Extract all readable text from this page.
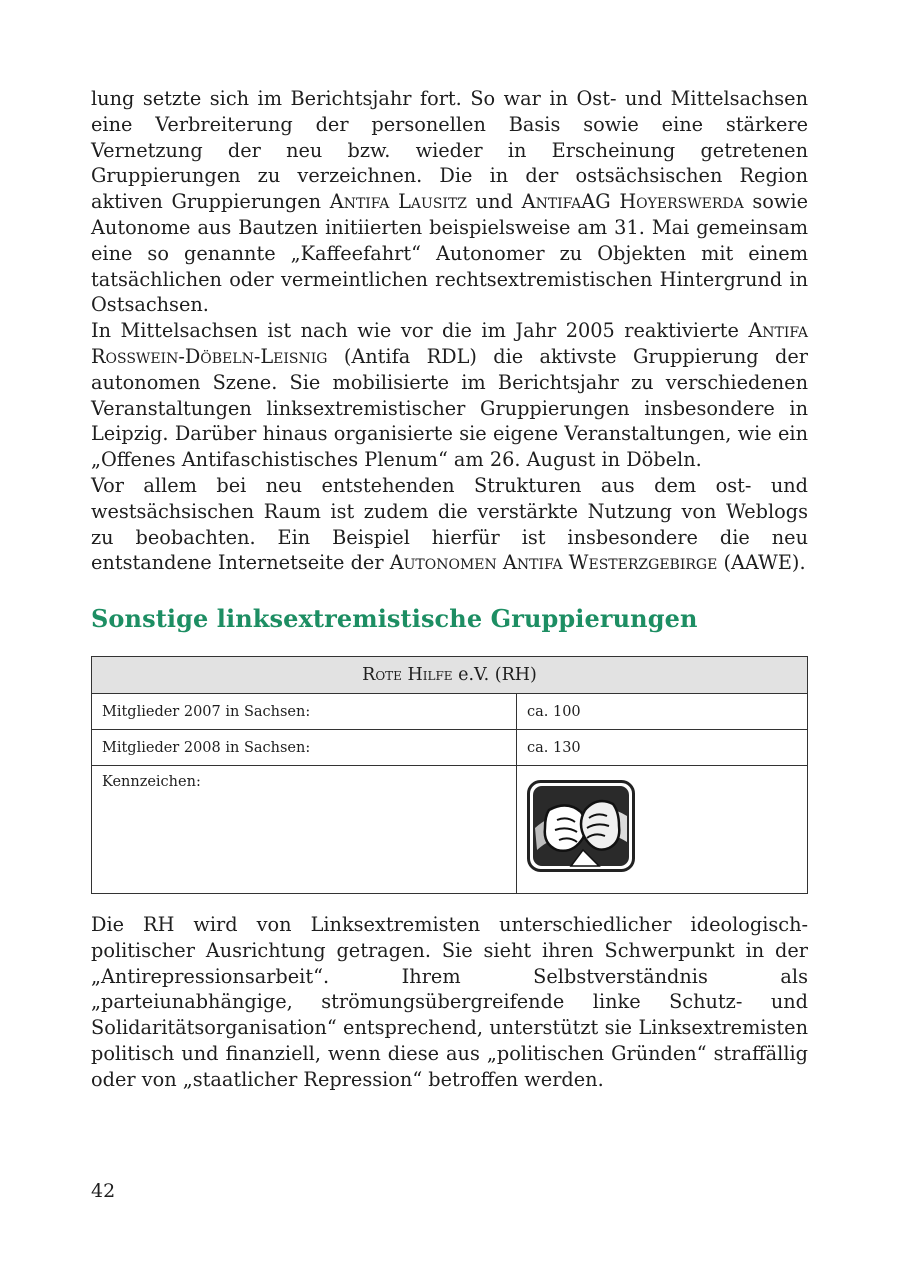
lung setzte sich im Berichtsjahr fort. So war in Ost- und Mittelsachsen eine Verbreiterung der personellen Basis sowie eine stärkere Vernetzung der neu bzw. wieder in Erscheinung getretenen Gruppierungen zu verzeichnen. Die in der ostsächsischen Region aktiven Gruppierungen Antifa Lausitz und AntifaAG Hoyerswerda sowie Autonome aus Bautzen initiierten beispielsweise am 31. Mai gemeinsam eine so genannte „Kaffeefahrt“ Autonomer zu Objekten mit einem tatsächlichen oder vermeintlichen rechtsextremistischen Hintergrund in Ostsachsen.

In Mittelsachsen ist nach wie vor die im Jahr 2005 reaktivierte Antifa Roßwein-Döbeln-Leisnig (Antifa RDL) die aktivste Gruppierung der autonomen Szene. Sie mobilisierte im Berichtsjahr zu verschiedenen Veranstaltungen linksextremistischer Gruppierungen insbesondere in Leipzig. Darüber hinaus organisierte sie eigene Veranstaltungen, wie ein „Offenes Antifaschistisches Plenum“ am 26. August in Döbeln.

Vor allem bei neu entstehenden Strukturen aus dem ost- und westsächsischen Raum ist zudem die verstärkte Nutzung von Weblogs zu beobachten. Ein Beispiel hierfür ist insbesondere die neu entstandene Internetseite der Autonomen Antifa Westerzgebirge (AAWE).

Sonstige linksextremistische Gruppierungen
Rote Hilfe e.V. (RH)	
Mitglieder 2007 in Sachsen:	ca. 100
Mitglieder 2008 in Sachsen:	ca. 130
Kennzeichen:	

Die RH wird von Linksextremisten unterschiedlicher ideologisch-politischer Ausrichtung getragen. Sie sieht ihren Schwerpunkt in der „Antirepressionsarbeit“. Ihrem Selbstverständnis als „parteiunabhängige, strömungsübergreifende linke Schutz- und Solidaritätsorganisation“ entsprechend, unterstützt sie Linksextremisten politisch und finanziell, wenn diese aus „politischen Gründen“ straffällig oder von „staatlicher Repression“ betroffen werden.

42
